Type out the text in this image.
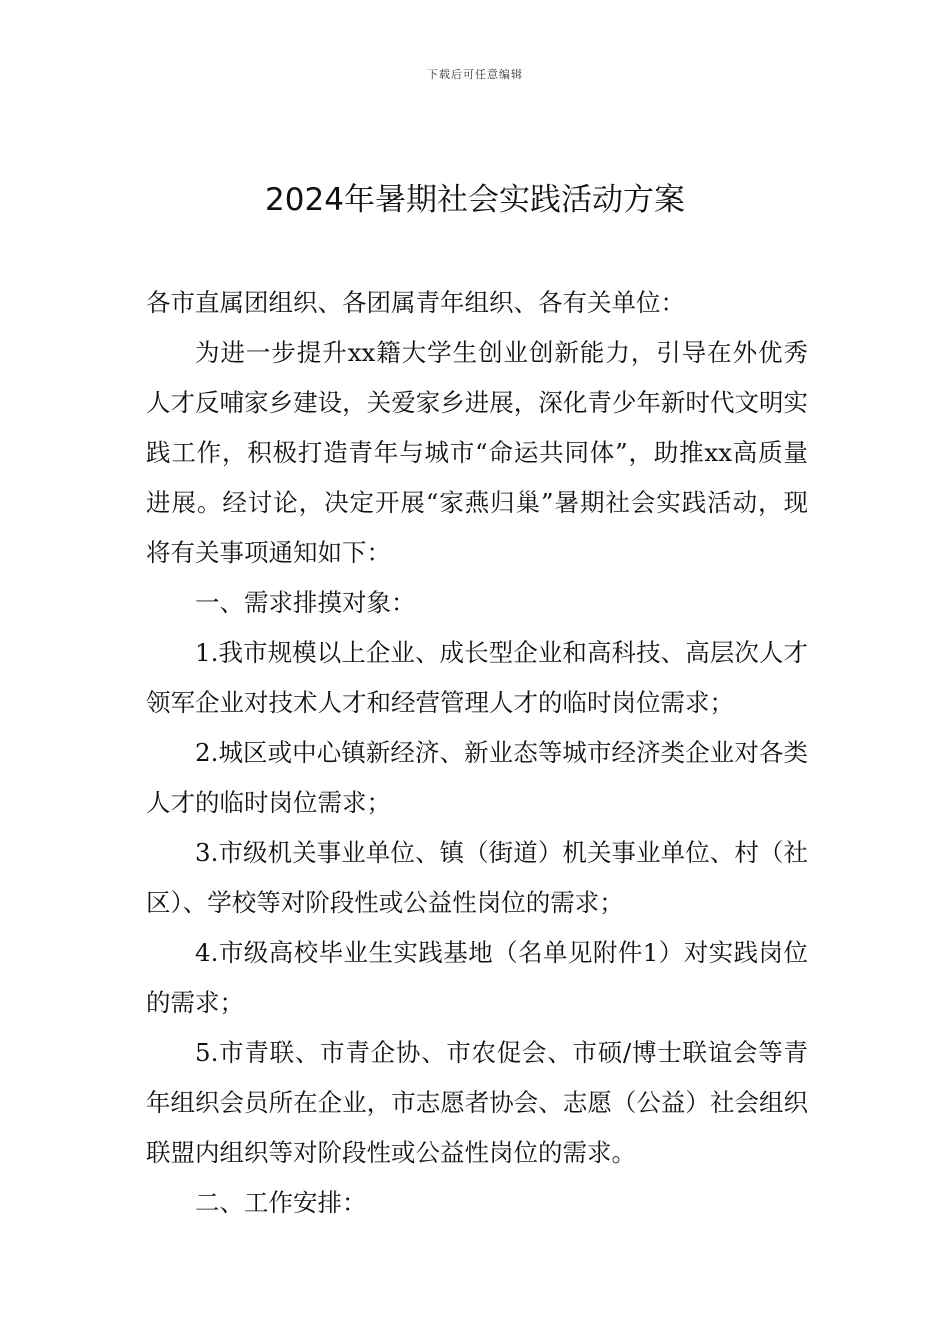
下载后可任意编辑
2024年暑期社会实践活动方案

各市直属团组织、各团属青年组织、各有关单位：

为进一步提升xx籍大学生创业创新能力，引导在外优秀人才反哺家乡建设，关爱家乡进展，深化青少年新时代文明实践工作，积极打造青年与城市“命运共同体”，助推xx高质量进展。经讨论，决定开展“家燕归巢”暑期社会实践活动，现将有关事项通知如下：

一、需求排摸对象：

1.我市规模以上企业、成长型企业和高科技、高层次人才领军企业对技术人才和经营管理人才的临时岗位需求；

2.城区或中心镇新经济、新业态等城市经济类企业对各类人才的临时岗位需求；

3.市级机关事业单位、镇（街道）机关事业单位、村（社区）、学校等对阶段性或公益性岗位的需求；

4.市级高校毕业生实践基地（名单见附件1）对实践岗位的需求；

5.市青联、市青企协、市农促会、市硕/博士联谊会等青年组织会员所在企业，市志愿者协会、志愿（公益）社会组织联盟内组织等对阶段性或公益性岗位的需求。

二、工作安排：
